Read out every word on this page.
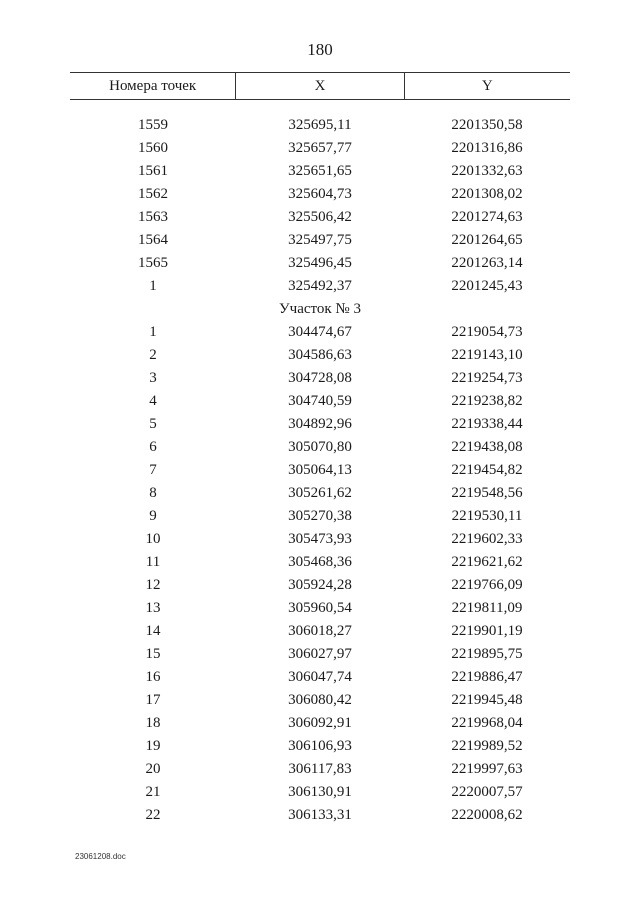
180
Номера точек	X	Y
1559	325695,11	2201350,58
1560	325657,77	2201316,86
1561	325651,65	2201332,63
1562	325604,73	2201308,02
1563	325506,42	2201274,63
1564	325497,75	2201264,65
1565	325496,45	2201263,14
1	325492,37	2201245,43
Участок № 3
1	304474,67	2219054,73
2	304586,63	2219143,10
3	304728,08	2219254,73
4	304740,59	2219238,82
5	304892,96	2219338,44
6	305070,80	2219438,08
7	305064,13	2219454,82
8	305261,62	2219548,56
9	305270,38	2219530,11
10	305473,93	2219602,33
11	305468,36	2219621,62
12	305924,28	2219766,09
13	305960,54	2219811,09
14	306018,27	2219901,19
15	306027,97	2219895,75
16	306047,74	2219886,47
17	306080,42	2219945,48
18	306092,91	2219968,04
19	306106,93	2219989,52
20	306117,83	2219997,63
21	306130,91	2220007,57
22	306133,31	2220008,62
23061208.doc
